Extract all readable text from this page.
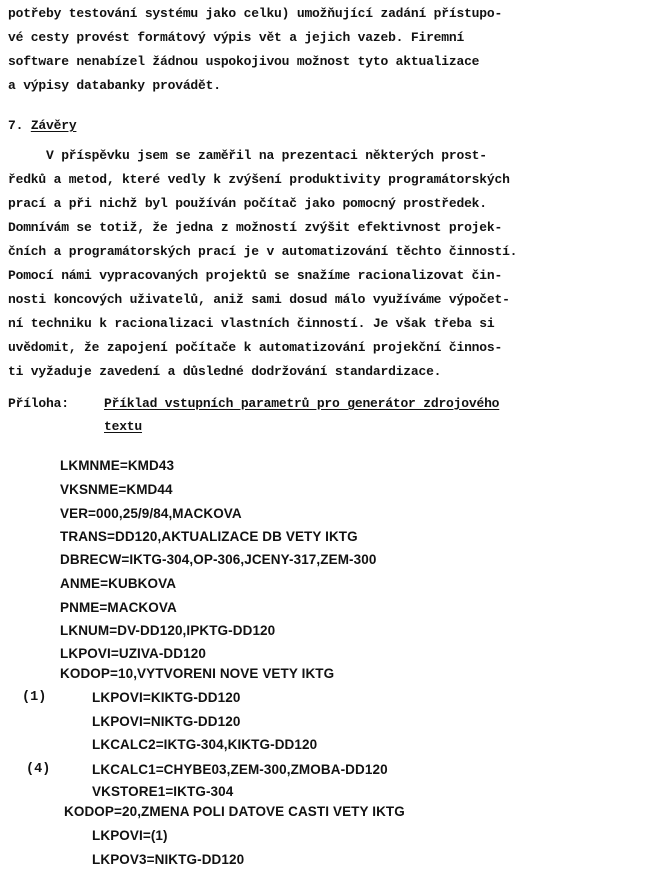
potřeby testování systému jako celku) umožňující zadání přístupo-
vé cesty provést formátový výpis vět a jejich vazeb. Firemní
software nenabízel žádnou uspokojivou možnost tyto aktualizace
a výpisy databanky provádět.
7. Závěry
V příspěvku jsem se zaměřil na prezentaci některých prost-
ředků a metod, které vedly k zvýšení produktivity programátorských
prací a při nichž byl používán počítač jako pomocný prostředek.
Domnívám se totiž, že jedna z možností zvýšit efektivnost projek-
čních a programátorských prací je v automatizování těchto činností.
Pomocí námi vypracovaných projektů se snažíme racionalizovat čin-
nosti koncových uživatelů, aniž sami dosud málo využíváme výpočet-
ní techniku k racionalizaci vlastních činností. Je však třeba si
uvědomit, že zapojení počítače k automatizování projekční činnos-
ti vyžaduje zavedení a důsledné dodržování standardizace.
Příloha:	Příklad vstupních parametrů pro generátor zdrojového
textu
LKMNME=KMD43
VKSNME=KMD44
VER=000,25/9/84,MACKOVA
TRANS=DD120,AKTUALIZACE DB VETY IKTG
DBRECW=IKTG-304,OP-306,JCENY-317,ZEM-300
ANME=KUBKOVA
PNME=MACKOVA
LKNUM=DV-DD120,IPKTG-DD120
LKPOVI=UZIVA-DD120
KODOP=10,VYTVORENI NOVE VETY IKTG
(1)	LKPOVI=KIKTG-DD120
LKPOVI=NIKTG-DD120
LKCALC2=IKTG-304,KIKTG-DD120
(4)	LKCALC1=CHYBE03,ZEM-300,ZMOBA-DD120
VKSTORE1=IKTG-304
KODOP=20,ZMENA POLI DATOVE CASTI VETY IKTG
LKPOVI=(1)
LKPOV3=NIKTG-DD120
